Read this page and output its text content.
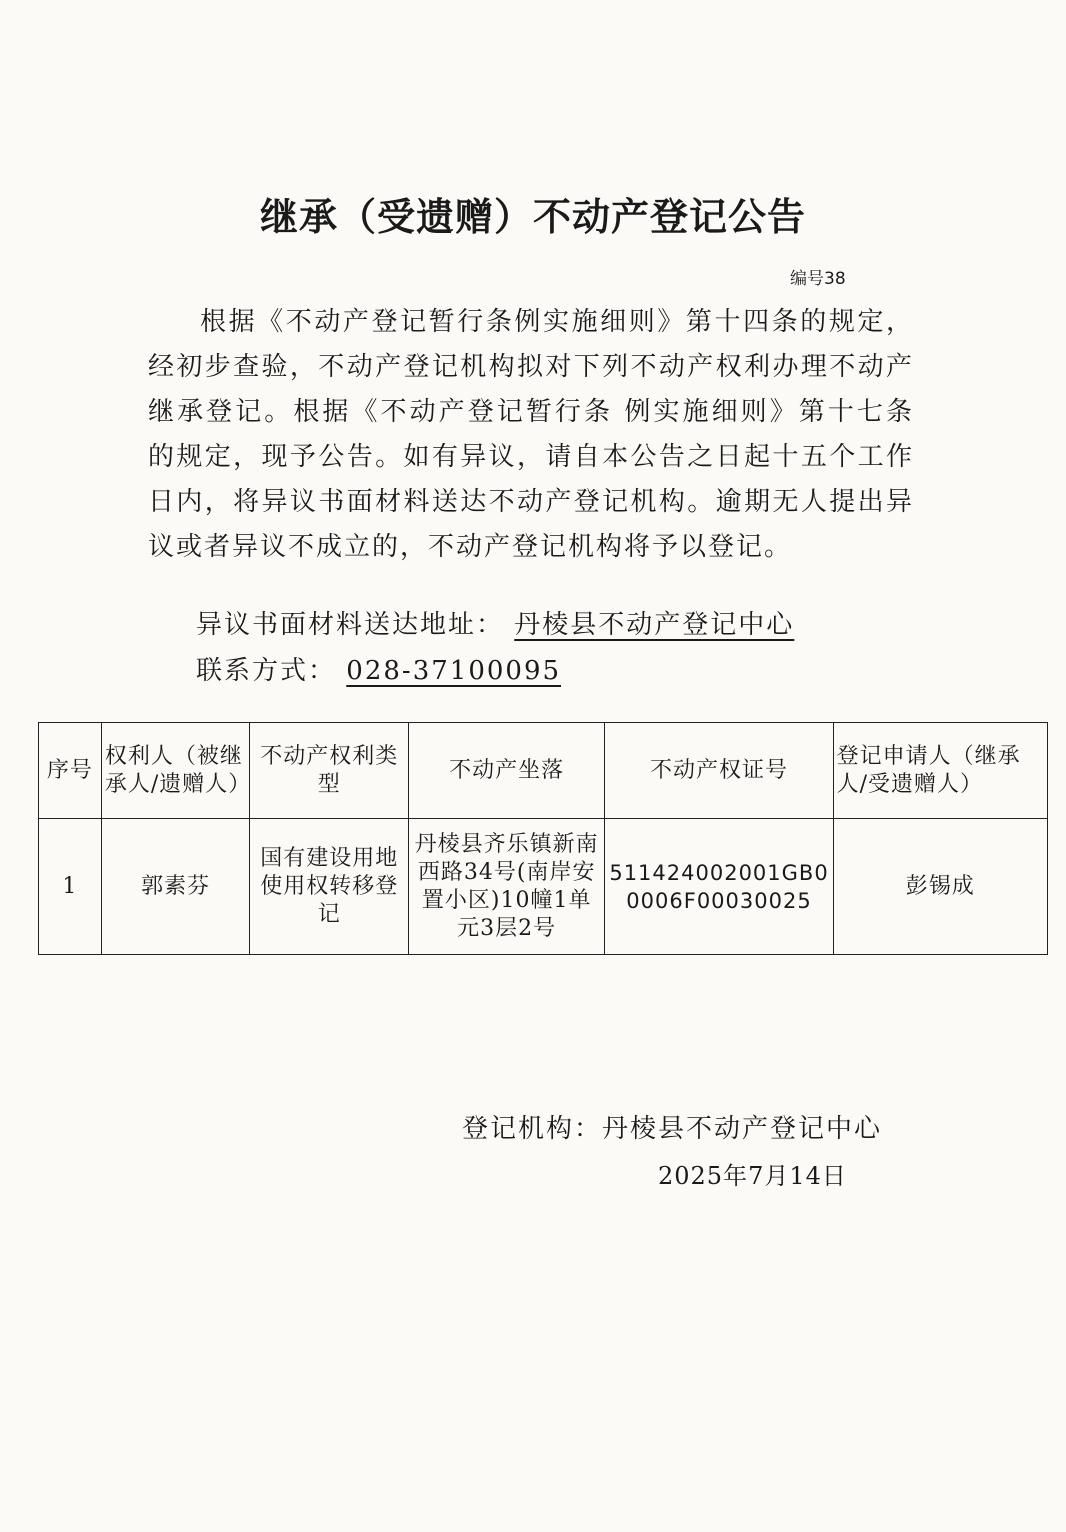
继承（受遗赠）不动产登记公告
编号38

根据《不动产登记暂行条例实施细则》第十四条的规定，经初步查验，不动产登记机构拟对下列不动产权利办理不动产继承登记。根据《不动产登记暂行条 例实施细则》第十七条的规定，现予公告。如有异议，请自本公告之日起十五个工作日内，将异议书面材料送达不动产登记机构。逾期无人提出异议或者异议不成立的，不动产登记机构将予以登记。

异议书面材料送达地址： 丹棱县不动产登记中心
联系方式： 028-37100095
序号	权利人（被继承人/遗赠人）	不动产权利类型	不动产坐落	不动产权证号	登记申请人（继承人/受遗赠人）
1	郭素芬	国有建设用地使用权转移登记	丹棱县齐乐镇新南西路34号(南岸安置小区)10幢1单元3层2号	511424002001GB00006F00030025	彭锡成
登记机构：丹棱县不动产登记中心
2025年7月14日
